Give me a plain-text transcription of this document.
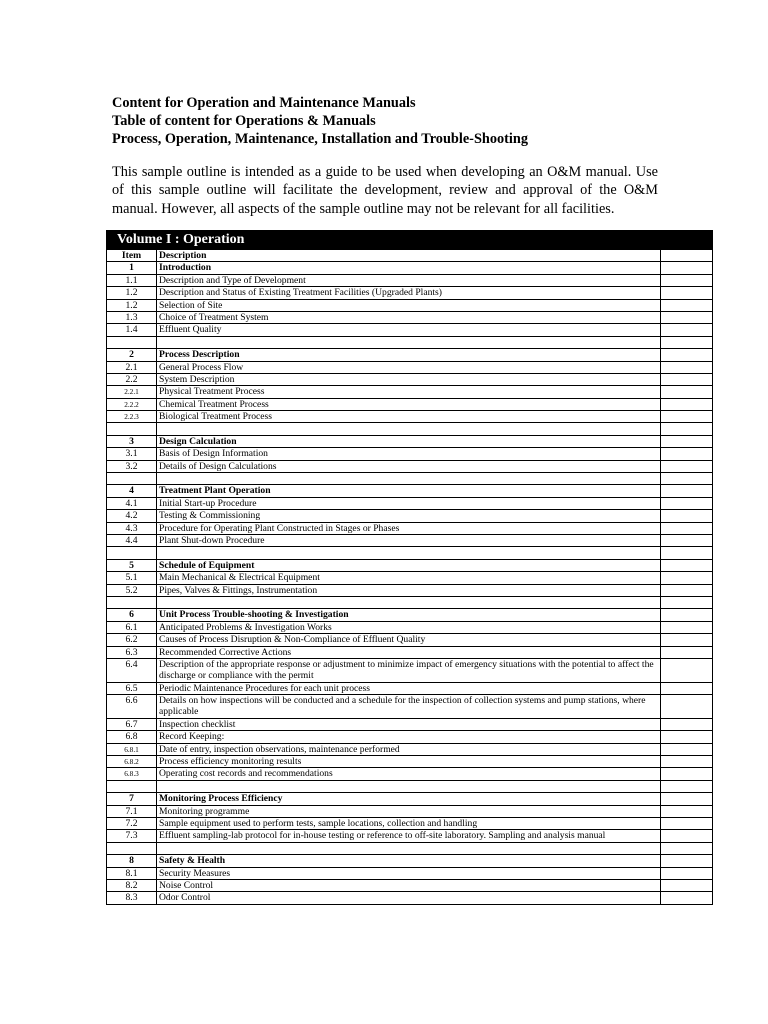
Content for Operation and Maintenance Manuals

Table of content for Operations & Manuals

Process, Operation, Maintenance, Installation and Trouble-Shooting

This sample outline is intended as a guide to be used when developing an O&M manual. Use of this sample outline will facilitate the development, review and approval of the O&M manual. However, all aspects of the sample outline may not be relevant for all facilities.

Volume I : Operation		
Item	Description	
1	Introduction	
1.1	Description and Type of Development	
1.2	Description and Status of Existing Treatment Facilities (Upgraded Plants)	
1.2	Selection of Site	
1.3	Choice of Treatment System	
1.4	Effluent Quality	

2	Process Description	
2.1	General Process Flow	
2.2	System Description	
2.2.1	Physical Treatment Process	
2.2.2	Chemical Treatment Process	
2.2.3	Biological Treatment Process	

3	Design Calculation	
3.1	Basis of Design Information	
3.2	Details of Design Calculations	

4	Treatment Plant Operation	
4.1	Initial Start-up Procedure	
4.2	Testing & Commissioning	
4.3	Procedure for Operating Plant Constructed in Stages or Phases	
4.4	Plant Shut-down Procedure	

5	Schedule of Equipment	
5.1	Main Mechanical & Electrical Equipment	
5.2	Pipes, Valves & Fittings, Instrumentation	

6	Unit Process Trouble-shooting & Investigation	
6.1	Anticipated Problems & Investigation Works	
6.2	Causes of Process Disruption & Non-Compliance of Effluent Quality	
6.3	Recommended Corrective Actions	
6.4	Description of the appropriate response or adjustment to minimize impact of emergency situations with the potential to affect the discharge or compliance with the permit	
6.5	Periodic Maintenance Procedures for each unit process	
6.6	Details on how inspections will be conducted and a schedule for the inspection of collection systems and pump stations, where applicable	
6.7	Inspection checklist	
6.8	Record Keeping:	
6.8.1	Date of entry, inspection observations, maintenance performed	
6.8.2	Process efficiency monitoring results	
6.8.3	Operating cost records and recommendations	

7	Monitoring Process Efficiency	
7.1	Monitoring programme	
7.2	Sample equipment used to perform tests, sample locations, collection and handling	
7.3	Effluent sampling-lab protocol for in-house testing or reference to off-site laboratory. Sampling and analysis manual	

8	Safety & Health	
8.1	Security Measures	
8.2	Noise Control	
8.3	Odor Control	
